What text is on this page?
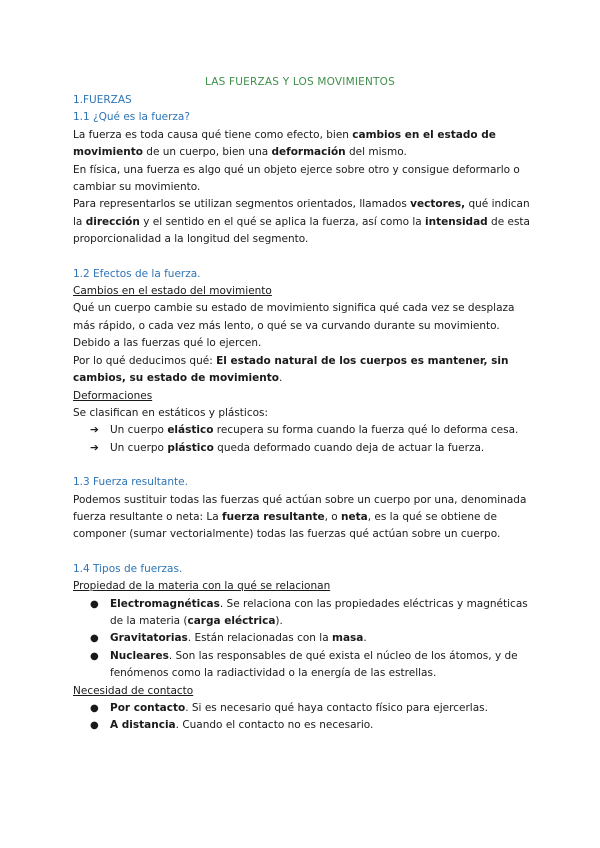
LAS FUERZAS Y LOS MOVIMIENTOS
1.FUERZAS
1.1 ¿Qué es la fuerza?

La fuerza es toda causa qué tiene como efecto, bien cambios en el estado de movimiento de un cuerpo, bien una deformación del mismo.

En física, una fuerza es algo qué un objeto ejerce sobre otro y consigue deformarlo o cambiar su movimiento.

Para representarlos se utilizan segmentos orientados, llamados vectores, qué indican la dirección y el sentido en el qué se aplica la fuerza, así como la intensidad de esta proporcionalidad a la longitud del segmento.

1.2 Efectos de la fuerza.
Cambios en el estado del movimiento

Qué un cuerpo cambie su estado de movimiento significa qué cada vez se desplaza más rápido, o cada vez más lento, o qué se va curvando durante su movimiento. Debido a las fuerzas qué lo ejercen.

Por lo qué deducimos qué: El estado natural de los cuerpos es mantener, sin cambios, su estado de movimiento.

Deformaciones

Se clasifican en estáticos y plásticos:

➔ Un cuerpo elástico recupera su forma cuando la fuerza qué lo deforma cesa.
➔ Un cuerpo plástico queda deformado cuando deja de actuar la fuerza.
1.3 Fuerza resultante.

Podemos sustituir todas las fuerzas qué actúan sobre un cuerpo por una, denominada fuerza resultante o neta: La fuerza resultante, o neta, es la qué se obtiene de componer (sumar vectorialmente) todas las fuerzas qué actúan sobre un cuerpo.

1.4 Tipos de fuerzas.
Propiedad de la materia con la qué se relacionan
● Electromagnéticas. Se relaciona con las propiedades eléctricas y magnéticas de la materia (carga eléctrica).
● Gravitatorias. Están relacionadas con la masa.
● Nucleares. Son las responsables de qué exista el núcleo de los átomos, y de fenómenos como la radiactividad o la energía de las estrellas.
Necesidad de contacto
● Por contacto. Si es necesario qué haya contacto físico para ejercerlas.
● A distancia. Cuando el contacto no es necesario.
